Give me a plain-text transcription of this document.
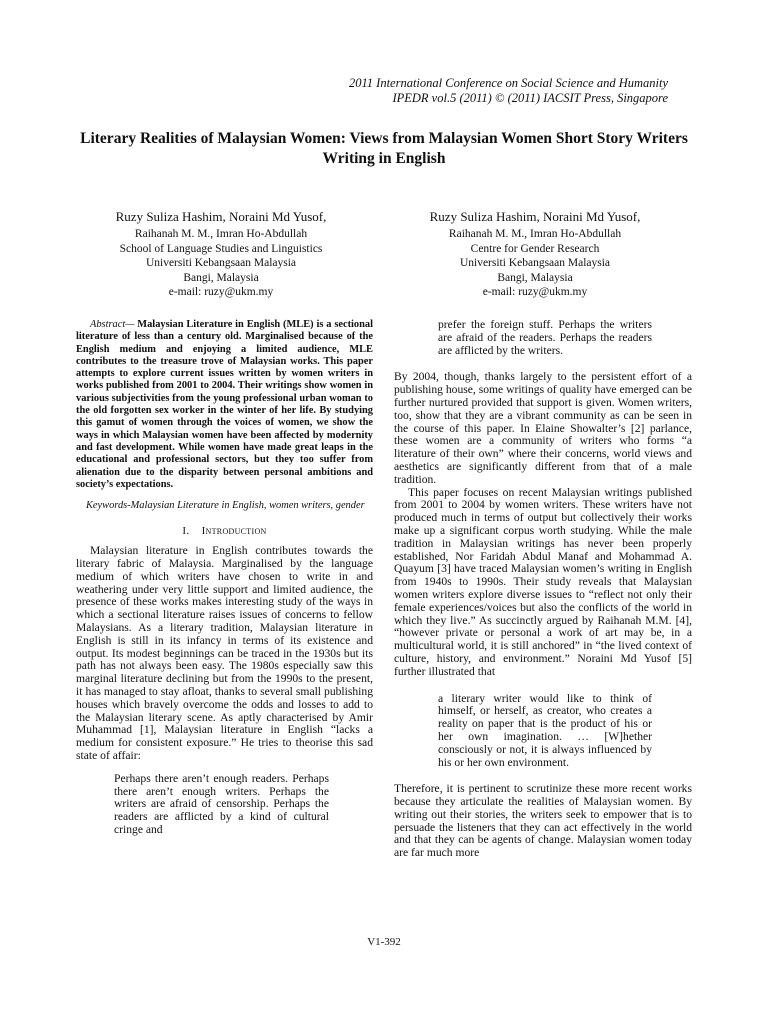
2011 International Conference on Social Science and Humanity
IPEDR vol.5 (2011) © (2011) IACSIT Press, Singapore
Literary Realities of Malaysian Women: Views from Malaysian Women Short Story Writers Writing in English
Ruzy Suliza Hashim, Noraini Md Yusof,
Raihanah M. M., Imran Ho-Abdullah
School of Language Studies and Linguistics
Universiti Kebangsaan Malaysia
Bangi, Malaysia
e-mail: ruzy@ukm.my
Ruzy Suliza Hashim, Noraini Md Yusof,
Raihanah M. M., Imran Ho-Abdullah
Centre for Gender Research
Universiti Kebangsaan Malaysia
Bangi, Malaysia
e-mail: ruzy@ukm.my

Abstract— Malaysian Literature in English (MLE) is a sectional literature of less than a century old. Marginalised because of the English medium and enjoying a limited audience, MLE contributes to the treasure trove of Malaysian works. This paper attempts to explore current issues written by women writers in works published from 2001 to 2004. Their writings show women in various subjectivities from the young professional urban woman to the old forgotten sex worker in the winter of her life. By studying this gamut of women through the voices of women, we show the ways in which Malaysian women have been affected by modernity and fast development. While women have made great leaps in the educational and professional sectors, but they too suffer from alienation due to the disparity between personal ambitions and society’s expectations.

Keywords-Malaysian Literature in English, women writers, gender

I. Introduction

Malaysian literature in English contributes towards the literary fabric of Malaysia. Marginalised by the language medium of which writers have chosen to write in and weathering under very little support and limited audience, the presence of these works makes interesting study of the ways in which a sectional literature raises issues of concerns to fellow Malaysians. As a literary tradition, Malaysian literature in English is still in its infancy in terms of its existence and output. Its modest beginnings can be traced in the 1930s but its path has not always been easy. The 1980s especially saw this marginal literature declining but from the 1990s to the present, it has managed to stay afloat, thanks to several small publishing houses which bravely overcome the odds and losses to add to the Malaysian literary scene. As aptly characterised by Amir Muhammad [1], Malaysian literature in English “lacks a medium for consistent exposure.” He tries to theorise this sad state of affair:

Perhaps there aren’t enough readers. Perhaps there aren’t enough writers. Perhaps the writers are afraid of censorship. Perhaps the readers are afflicted by a kind of cultural cringe and

prefer the foreign stuff. Perhaps the writers are afraid of the readers. Perhaps the readers are afflicted by the writers.

By 2004, though, thanks largely to the persistent effort of a publishing house, some writings of quality have emerged can be further nurtured provided that support is given. Women writers, too, show that they are a vibrant community as can be seen in the course of this paper. In Elaine Showalter’s [2] parlance, these women are a community of writers who forms “a literature of their own” where their concerns, world views and aesthetics are significantly different from that of a male tradition.

This paper focuses on recent Malaysian writings published from 2001 to 2004 by women writers. These writers have not produced much in terms of output but collectively their works make up a significant corpus worth studying. While the male tradition in Malaysian writings has never been properly established, Nor Faridah Abdul Manaf and Mohammad A. Quayum [3] have traced Malaysian women’s writing in English from 1940s to 1990s. Their study reveals that Malaysian women writers explore diverse issues to “reflect not only their female experiences/voices but also the conflicts of the world in which they live.” As succinctly argued by Raihanah M.M. [4], “however private or personal a work of art may be, in a multicultural world, it is still anchored” in “the lived context of culture, history, and environment.” Noraini Md Yusof [5] further illustrated that

a literary writer would like to think of himself, or herself, as creator, who creates a reality on paper that is the product of his or her own imagination. … [W]hether consciously or not, it is always influenced by his or her own environment.

Therefore, it is pertinent to scrutinize these more recent works because they articulate the realities of Malaysian women. By writing out their stories, the writers seek to empower that is to persuade the listeners that they can act effectively in the world and that they can be agents of change. Malaysian women today are far much more

V1-392
